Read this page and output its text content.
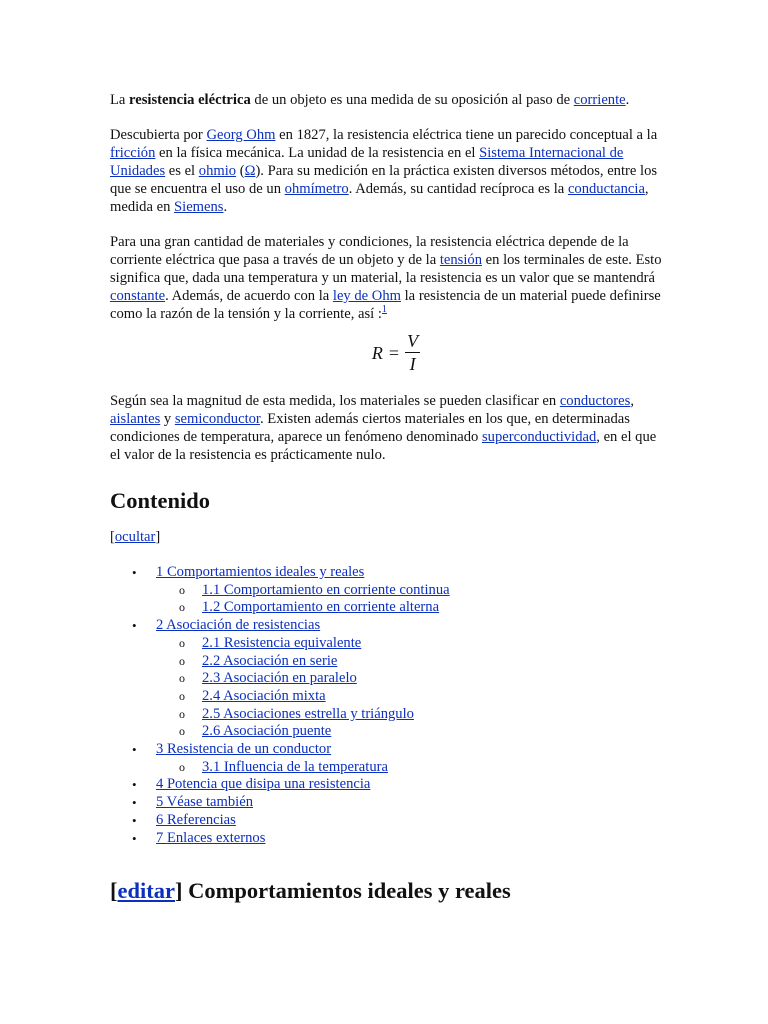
La resistencia eléctrica de un objeto es una medida de su oposición al paso de corriente.

Descubierta por Georg Ohm en 1827, la resistencia eléctrica tiene un parecido conceptual a la fricción en la física mecánica. La unidad de la resistencia en el Sistema Internacional de Unidades es el ohmio (Ω). Para su medición en la práctica existen diversos métodos, entre los que se encuentra el uso de un ohmímetro. Además, su cantidad recíproca es la conductancia, medida en Siemens.

Para una gran cantidad de materiales y condiciones, la resistencia eléctrica depende de la corriente eléctrica que pasa a través de un objeto y de la tensión en los terminales de este. Esto significa que, dada una temperatura y un material, la resistencia es un valor que se mantendrá constante. Además, de acuerdo con la ley de Ohm la resistencia de un material puede definirse como la razón de la tensión y la corriente, así :$^1$

$R = \frac{V}{I}$

Según sea la magnitud de esta medida, los materiales se pueden clasificar en conductores, aislantes y semiconductor. Existen además ciertos materiales en los que, en determinadas condiciones de temperatura, aparece un fenómeno denominado superconductividad, en el que el valor de la resistencia es prácticamente nulo.

Contenido
[ocultar]
• 1 Comportamientos ideales y reales
o 1.1 Comportamiento en corriente continua
o 1.2 Comportamiento en corriente alterna
• 2 Asociación de resistencias
o 2.1 Resistencia equivalente
o 2.2 Asociación en serie
o 2.3 Asociación en paralelo
o 2.4 Asociación mixta
o 2.5 Asociaciones estrella y triángulo
o 2.6 Asociación puente
• 3 Resistencia de un conductor
o 3.1 Influencia de la temperatura
• 4 Potencia que disipa una resistencia
• 5 Véase también
• 6 Referencias
• 7 Enlaces externos
[editar] Comportamientos ideales y reales
